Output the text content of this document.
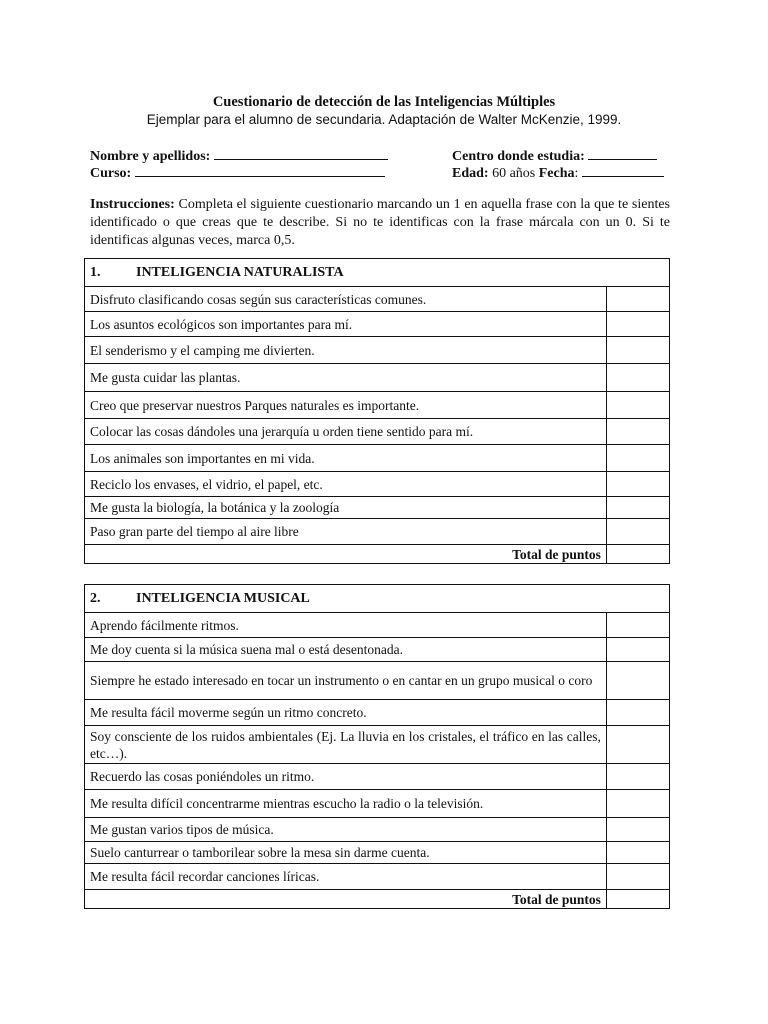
Cuestionario de detección de las Inteligencias Múltiples
Ejemplar para el alumno de secundaria. Adaptación de Walter McKenzie, 1999.
Nombre y apellidos:	Centro donde estudia:
Curso:	Edad: 60 años Fecha:
Instrucciones: Completa el siguiente cuestionario marcando un 1 en aquella frase con la que te sientes identificado o que creas que te describe. Si no te identificas con la frase márcala con un 0. Si te identificas algunas veces, marca 0,5.
1. INTELIGENCIA NATURALISTA	
Disfruto clasificando cosas según sus características comunes.	
Los asuntos ecológicos son importantes para mí.	
El senderismo y el camping me divierten.	
Me gusta cuidar las plantas.	
Creo que preservar nuestros Parques naturales es importante.	
Colocar las cosas dándoles una jerarquía u orden tiene sentido para mí.	
Los animales son importantes en mi vida.	
Reciclo los envases, el vidrio, el papel, etc.	
Me gusta la biología, la botánica y la zoología	
Paso gran parte del tiempo al aire libre	
Total de puntos	
2. INTELIGENCIA MUSICAL	
Aprendo fácilmente ritmos.	
Me doy cuenta si la música suena mal o está desentonada.	
Siempre he estado interesado en tocar un instrumento o en cantar en un grupo musical o coro	
Me resulta fácil moverme según un ritmo concreto.	
Soy consciente de los ruidos ambientales (Ej. La lluvia en los cristales, el tráfico en las calles, etc…).	
Recuerdo las cosas poniéndoles un ritmo.	
Me resulta difícil concentrarme mientras escucho la radio o la televisión.	
Me gustan varios tipos de música.	
Suelo canturrear o tamborilear sobre la mesa sin darme cuenta.	
Me resulta fácil recordar canciones líricas.	
Total de puntos	
